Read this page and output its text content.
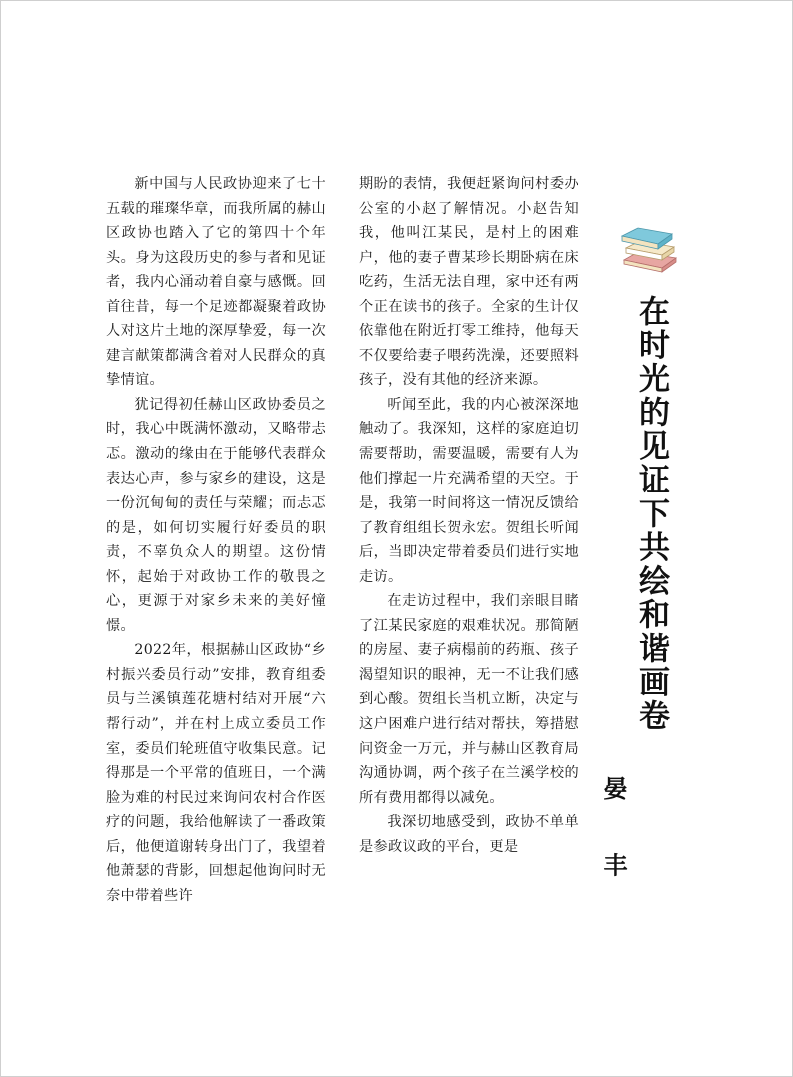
新中国与人民政协迎来了七十五载的璀璨华章，而我所属的赫山区政协也踏入了它的第四十个年头。身为这段历史的参与者和见证者，我内心涌动着自豪与感慨。回首往昔，每一个足迹都凝聚着政协人对这片土地的深厚挚爱，每一次建言献策都满含着对人民群众的真挚情谊。

犹记得初任赫山区政协委员之时，我心中既满怀激动，又略带忐忑。激动的缘由在于能够代表群众表达心声，参与家乡的建设，这是一份沉甸甸的责任与荣耀；而忐忑的是，如何切实履行好委员的职责，不辜负众人的期望。这份情怀，起始于对政协工作的敬畏之心，更源于对家乡未来的美好憧憬。

2022年，根据赫山区政协“乡村振兴委员行动”安排，教育组委员与兰溪镇莲花塘村结对开展“六帮行动”，并在村上成立委员工作室，委员们轮班值守收集民意。记得那是一个平常的值班日，一个满脸为难的村民过来询问农村合作医疗的问题，我给他解读了一番政策后，他便道谢转身出门了，我望着他萧瑟的背影，回想起他询问时无奈中带着些许

期盼的表情，我便赶紧询问村委办公室的小赵了解情况。小赵告知我，他叫江某民，是村上的困难户，他的妻子曹某珍长期卧病在床吃药，生活无法自理，家中还有两个正在读书的孩子。全家的生计仅依靠他在附近打零工维持，他每天不仅要给妻子喂药洗澡，还要照料孩子，没有其他的经济来源。

听闻至此，我的内心被深深地触动了。我深知，这样的家庭迫切需要帮助，需要温暖，需要有人为他们撑起一片充满希望的天空。于是，我第一时间将这一情况反馈给了教育组组长贺永宏。贺组长听闻后，当即决定带着委员们进行实地走访。

在走访过程中，我们亲眼目睹了江某民家庭的艰难状况。那简陋的房屋、妻子病榻前的药瓶、孩子渴望知识的眼神，无一不让我们感到心酸。贺组长当机立断，决定与这户困难户进行结对帮扶，筹措慰问资金一万元，并与赫山区教育局沟通协调，两个孩子在兰溪学校的所有费用都得以减免。

我深切地感受到，政协不单单是参政议政的平台，更是

在时光的见证下共绘和谐画卷
晏 丰
